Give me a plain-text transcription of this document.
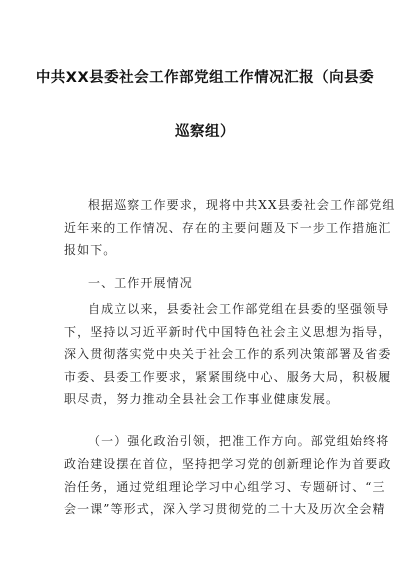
中共XX县委社会工作部党组工作情况汇报（向县委
巡察组）
根据巡察工作要求，现将中共XX县委社会工作部党组
近年来的工作情况、存在的主要问题及下一步工作措施汇
报如下。
一、工作开展情况
自成立以来，县委社会工作部党组在县委的坚强领导
下，坚持以习近平新时代中国特色社会主义思想为指导，
深入贯彻落实党中央关于社会工作的系列决策部署及省委
市委、县委工作要求，紧紧围绕中心、服务大局，积极履
职尽责，努力推动全县社会工作事业健康发展。
（一）强化政治引领，把准工作方向。部党组始终将
政治建设摆在首位，坚持把学习党的创新理论作为首要政
治任务，通过党组理论学习中心组学习、专题研讨、“三
会一课”等形式，深入学习贯彻党的二十大及历次全会精
